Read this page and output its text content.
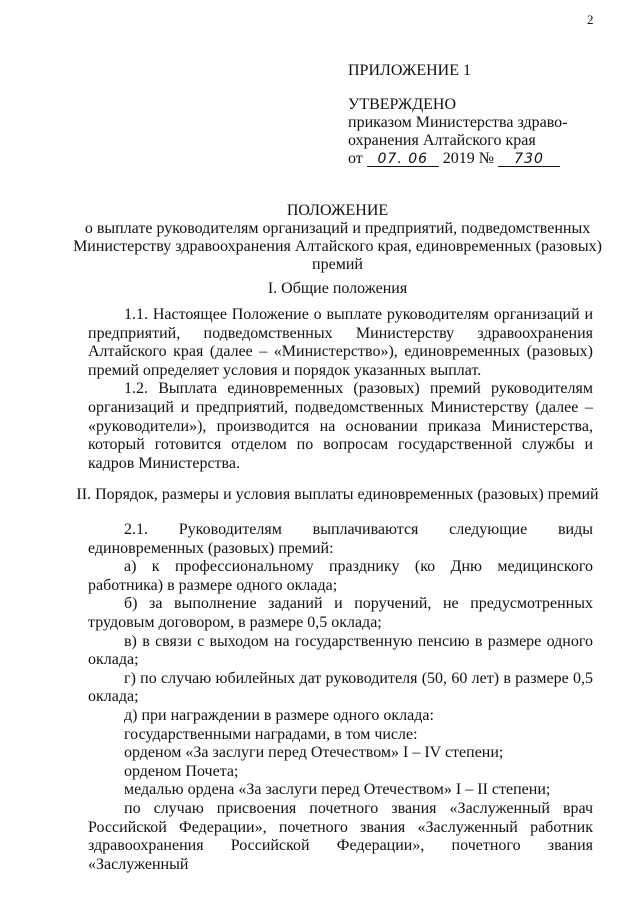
2
ПРИЛОЖЕНИЕ 1
УТВЕРЖДЕНО
приказом Министерства здраво-
охранения Алтайского края
от 07. 06 2019 № 730
ПОЛОЖЕНИЕ
о выплате руководителям организаций и предприятий, подведомственных
Министерству здравоохранения Алтайского края, единовременных (разовых)
премий
I. Общие положения

1.1. Настоящее Положение о выплате руководителям организаций и предприятий, подведомственных Министерству здравоохранения Алтайского края (далее – «Министерство»), единовременных (разовых) премий определяет условия и порядок указанных выплат.

1.2. Выплата единовременных (разовых) премий руководителям организаций и предприятий, подведомственных Министерству (далее – «руководители»), производится на основании приказа Министерства, который готовится отделом по вопросам государственной службы и кадров Министерства.

II. Порядок, размеры и условия выплаты единовременных (разовых) премий

2.1. Руководителям выплачиваются следующие виды единовременных (разовых) премий:

а) к профессиональному празднику (ко Дню медицинского работника) в размере одного оклада;

б) за выполнение заданий и поручений, не предусмотренных трудовым договором, в размере 0,5 оклада;

в) в связи с выходом на государственную пенсию в размере одного оклада;

г) по случаю юбилейных дат руководителя (50, 60 лет) в размере 0,5 оклада;

д) при награждении в размере одного оклада:

государственными наградами, в том числе:

орденом «За заслуги перед Отечеством» I – IV степени;

орденом Почета;

медалью ордена «За заслуги перед Отечеством» I – II степени;

по случаю присвоения почетного звания «Заслуженный врач Российской Федерации», почетного звания «Заслуженный работник здравоохранения Российской Федерации», почетного звания «Заслуженный
